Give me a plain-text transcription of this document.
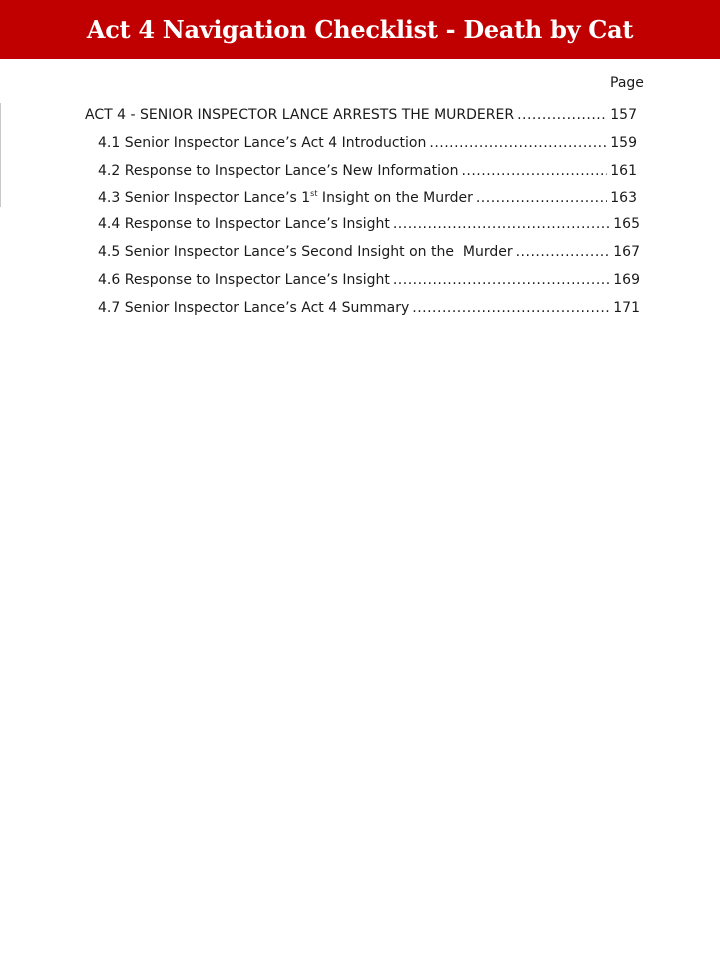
Act 4 Navigation Checklist - Death by Cat
Page
ACT 4 - SENIOR INSPECTOR LANCE ARRESTS THE MURDERER .....	157
4.1 Senior Inspector Lance’s Act 4 Introduction .....	159
4.2 Response to Inspector Lance’s New Information .....	161
4.3 Senior Inspector Lance’s 1st Insight on the Murder .....	163
4.4 Response to Inspector Lance’s Insight .....	165
4.5 Senior Inspector Lance’s Second Insight on the  Murder .....	167
4.6 Response to Inspector Lance’s Insight .....	169
4.7 Senior Inspector Lance’s Act 4 Summary .....	171
